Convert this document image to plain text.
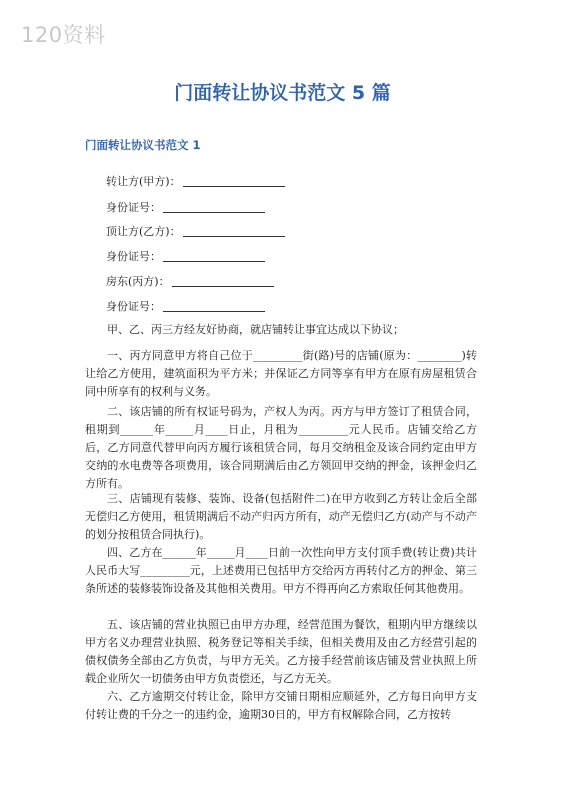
120资料
门面转让协议书范文 5 篇
门面转让协议书范文 1
转让方(甲方)：
身份证号：
顶让方(乙方)：
身份证号：
房东(丙方)：
身份证号：
甲、乙、丙三方经友好协商，就店铺转让事宜达成以下协议；
一、丙方同意甲方将自己位于_________街(路)号的店铺(原为：________)转让给乙方使用，建筑面积为平方米；并保证乙方同等享有甲方在原有房屋租赁合同中所享有的权利与义务。
二、该店铺的所有权证号码为，产权人为丙。丙方与甲方签订了租赁合同，租期到______年_____月____日止，月租为_________元人民币。店铺交给乙方后，乙方同意代替甲向丙方履行该租赁合同，每月交纳租金及该合同约定由甲方交纳的水电费等各项费用，该合同期满后由乙方领回甲交纳的押金，该押金归乙方所有。
三、店铺现有装修、装饰、设备(包括附件二)在甲方收到乙方转让金后全部无偿归乙方使用，租赁期满后不动产归丙方所有，动产无偿归乙方(动产与不动产的划分按租赁合同执行)。
四、乙方在______年_____月____日前一次性向甲方支付顶手费(转让费)共计人民币大写_________元，上述费用已包括甲方交给丙方再转付乙方的押金、第三条所述的装修装饰设备及其他相关费用。甲方不得再向乙方索取任何其他费用。
五、该店铺的营业执照已由甲方办理，经营范围为餐饮，租期内甲方继续以甲方名义办理营业执照、税务登记等相关手续，但相关费用及由乙方经营引起的债权债务全部由乙方负责，与甲方无关。乙方接手经营前该店铺及营业执照上所载企业所欠一切债务由甲方负责偿还，与乙方无关。
六、乙方逾期交付转让金，除甲方交铺日期相应顺延外，乙方每日向甲方支付转让费的千分之一的违约金，逾期30日的，甲方有权解除合同，乙方按转
